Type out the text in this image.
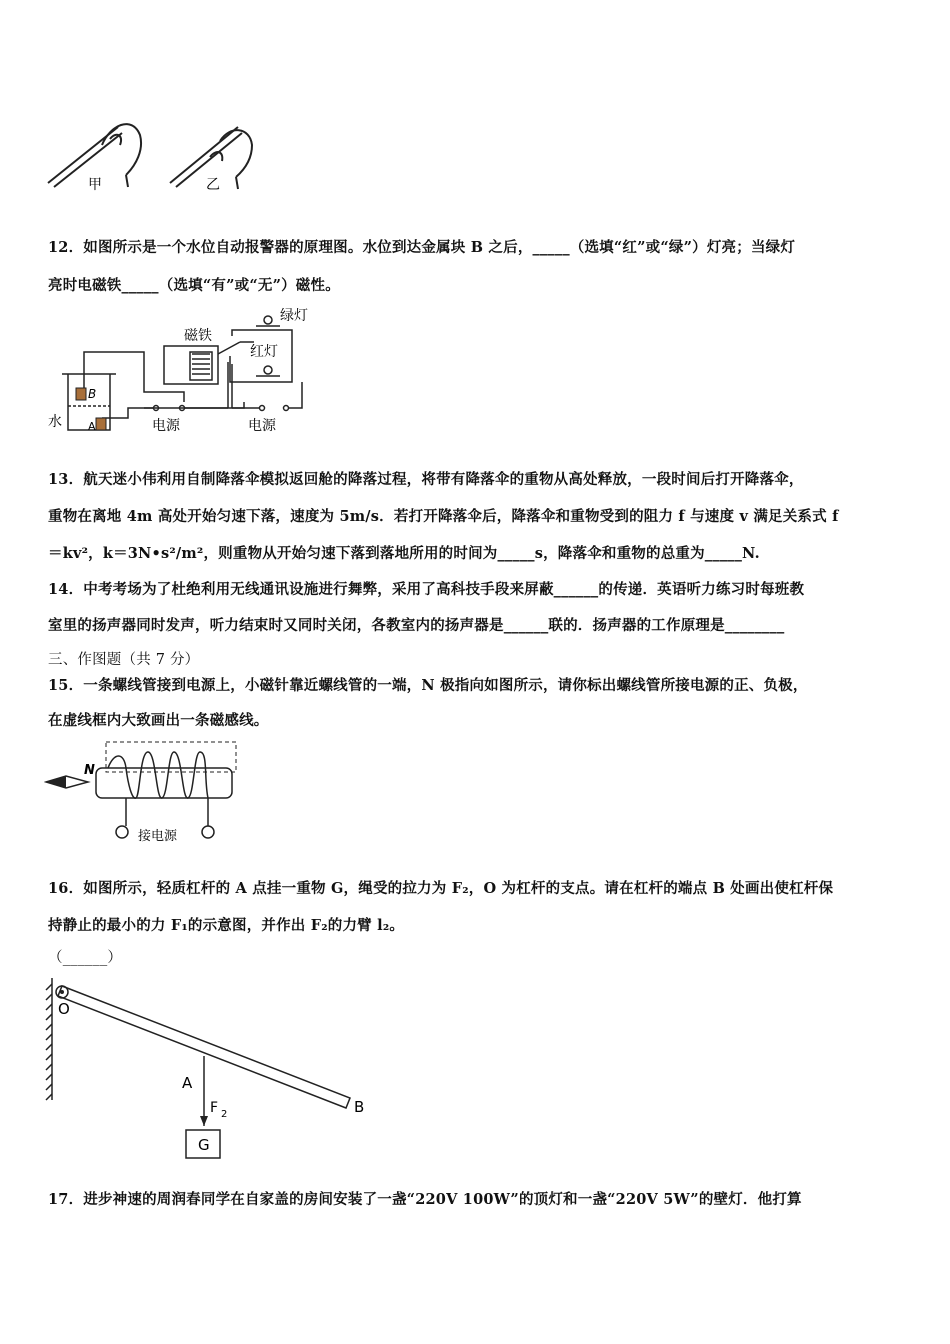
甲	乙
12．如图所示是一个水位自动报警器的原理图。水位到达金属块 B 之后，_____（选填“红”或“绿”）灯亮；当绿灯
亮时电磁铁_____（选填“有”或“无”）磁性。
B
A
磁铁
绿灯
红灯
水	电源	电源
13．航天迷小伟利用自制降落伞模拟返回舱的降落过程，将带有降落伞的重物从高处释放，一段时间后打开降落伞，
重物在离地 4m 高处开始匀速下落，速度为 5m/s．若打开降落伞后，降落伞和重物受到的阻力 f 与速度 v 满足关系式 f
＝kv²，k＝3N•s²/m²，则重物从开始匀速下落到落地所用的时间为_____s，降落伞和重物的总重为_____N.
14．中考考场为了杜绝利用无线通讯设施进行舞弊，采用了高科技手段来屏蔽______的传递．英语听力练习时每班教
室里的扬声器同时发声，听力结束时又同时关闭，各教室内的扬声器是______联的．扬声器的工作原理是________
三、作图题（共 7 分）
15．一条螺线管接到电源上，小磁针靠近螺线管的一端，N 极指向如图所示，请你标出螺线管所接电源的正、负极，
在虚线框内大致画出一条磁感线。
N
接电源
16．如图所示，轻质杠杆的 A 点挂一重物 G，绳受的拉力为 F₂，O 为杠杆的支点。请在杠杆的端点 B 处画出使杠杆保
持静止的最小的力 F₁的示意图，并作出 F₂的力臂 l₂。
（______）
O
A
B
G
F 2
17．进步神速的周润春同学在自家盖的房间安装了一盏“220V 100W”的顶灯和一盏“220V 5W”的壁灯．他打算
